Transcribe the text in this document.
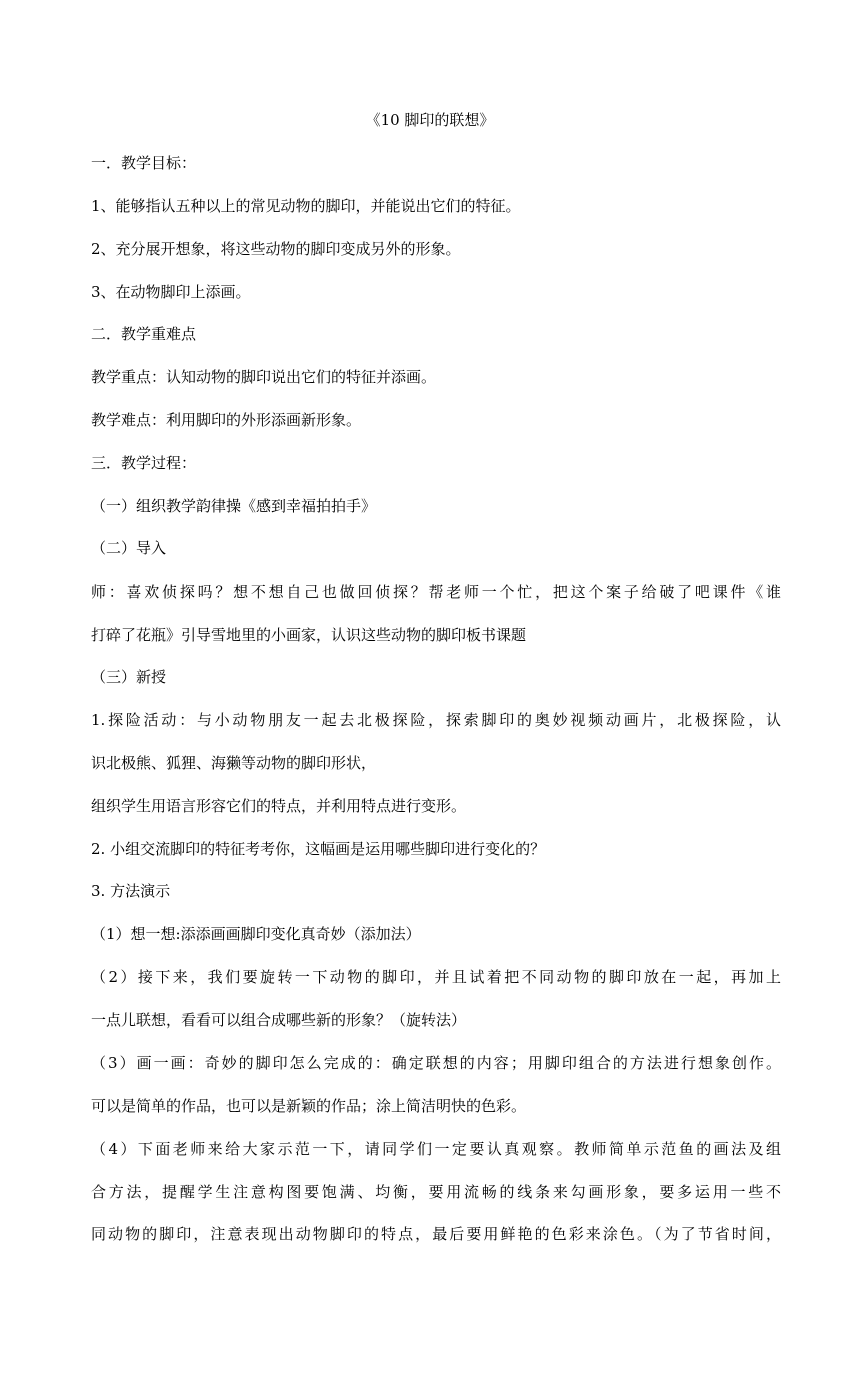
《10 脚印的联想》
一．教学目标：
1、能够指认五种以上的常见动物的脚印，并能说出它们的特征。
2、充分展开想象，将这些动物的脚印变成另外的形象。
3、在动物脚印上添画。
二．教学重难点
教学重点：认知动物的脚印说出它们的特征并添画。
教学难点：利用脚印的外形添画新形象。
三．教学过程：
（一）组织教学韵律操《感到幸福拍拍手》
（二）导入
师：喜欢侦探吗？想不想自己也做回侦探？帮老师一个忙，把这个案子给破了吧课件《谁
打碎了花瓶》引导雪地里的小画家，认识这些动物的脚印板书课题
（三）新授
1.探险活动：与小动物朋友一起去北极探险，探索脚印的奥妙视频动画片，北极探险，认
识北极熊、狐狸、海獭等动物的脚印形状，
组织学生用语言形容它们的特点，并利用特点进行变形。
2. 小组交流脚印的特征考考你，这幅画是运用哪些脚印进行变化的？
3. 方法演示
（1）想一想:添添画画脚印变化真奇妙（添加法）
（2）接下来，我们要旋转一下动物的脚印，并且试着把不同动物的脚印放在一起，再加上
一点儿联想，看看可以组合成哪些新的形象？（旋转法）
（3）画一画：奇妙的脚印怎么完成的：确定联想的内容；用脚印组合的方法进行想象创作。
可以是简单的作品，也可以是新颖的作品；涂上简洁明快的色彩。
（4）下面老师来给大家示范一下，请同学们一定要认真观察。教师简单示范鱼的画法及组
合方法，提醒学生注意构图要饱满、均衡，要用流畅的线条来勾画形象，要多运用一些不
同动物的脚印，注意表现出动物脚印的特点，最后要用鲜艳的色彩来涂色。（为了节省时间，
